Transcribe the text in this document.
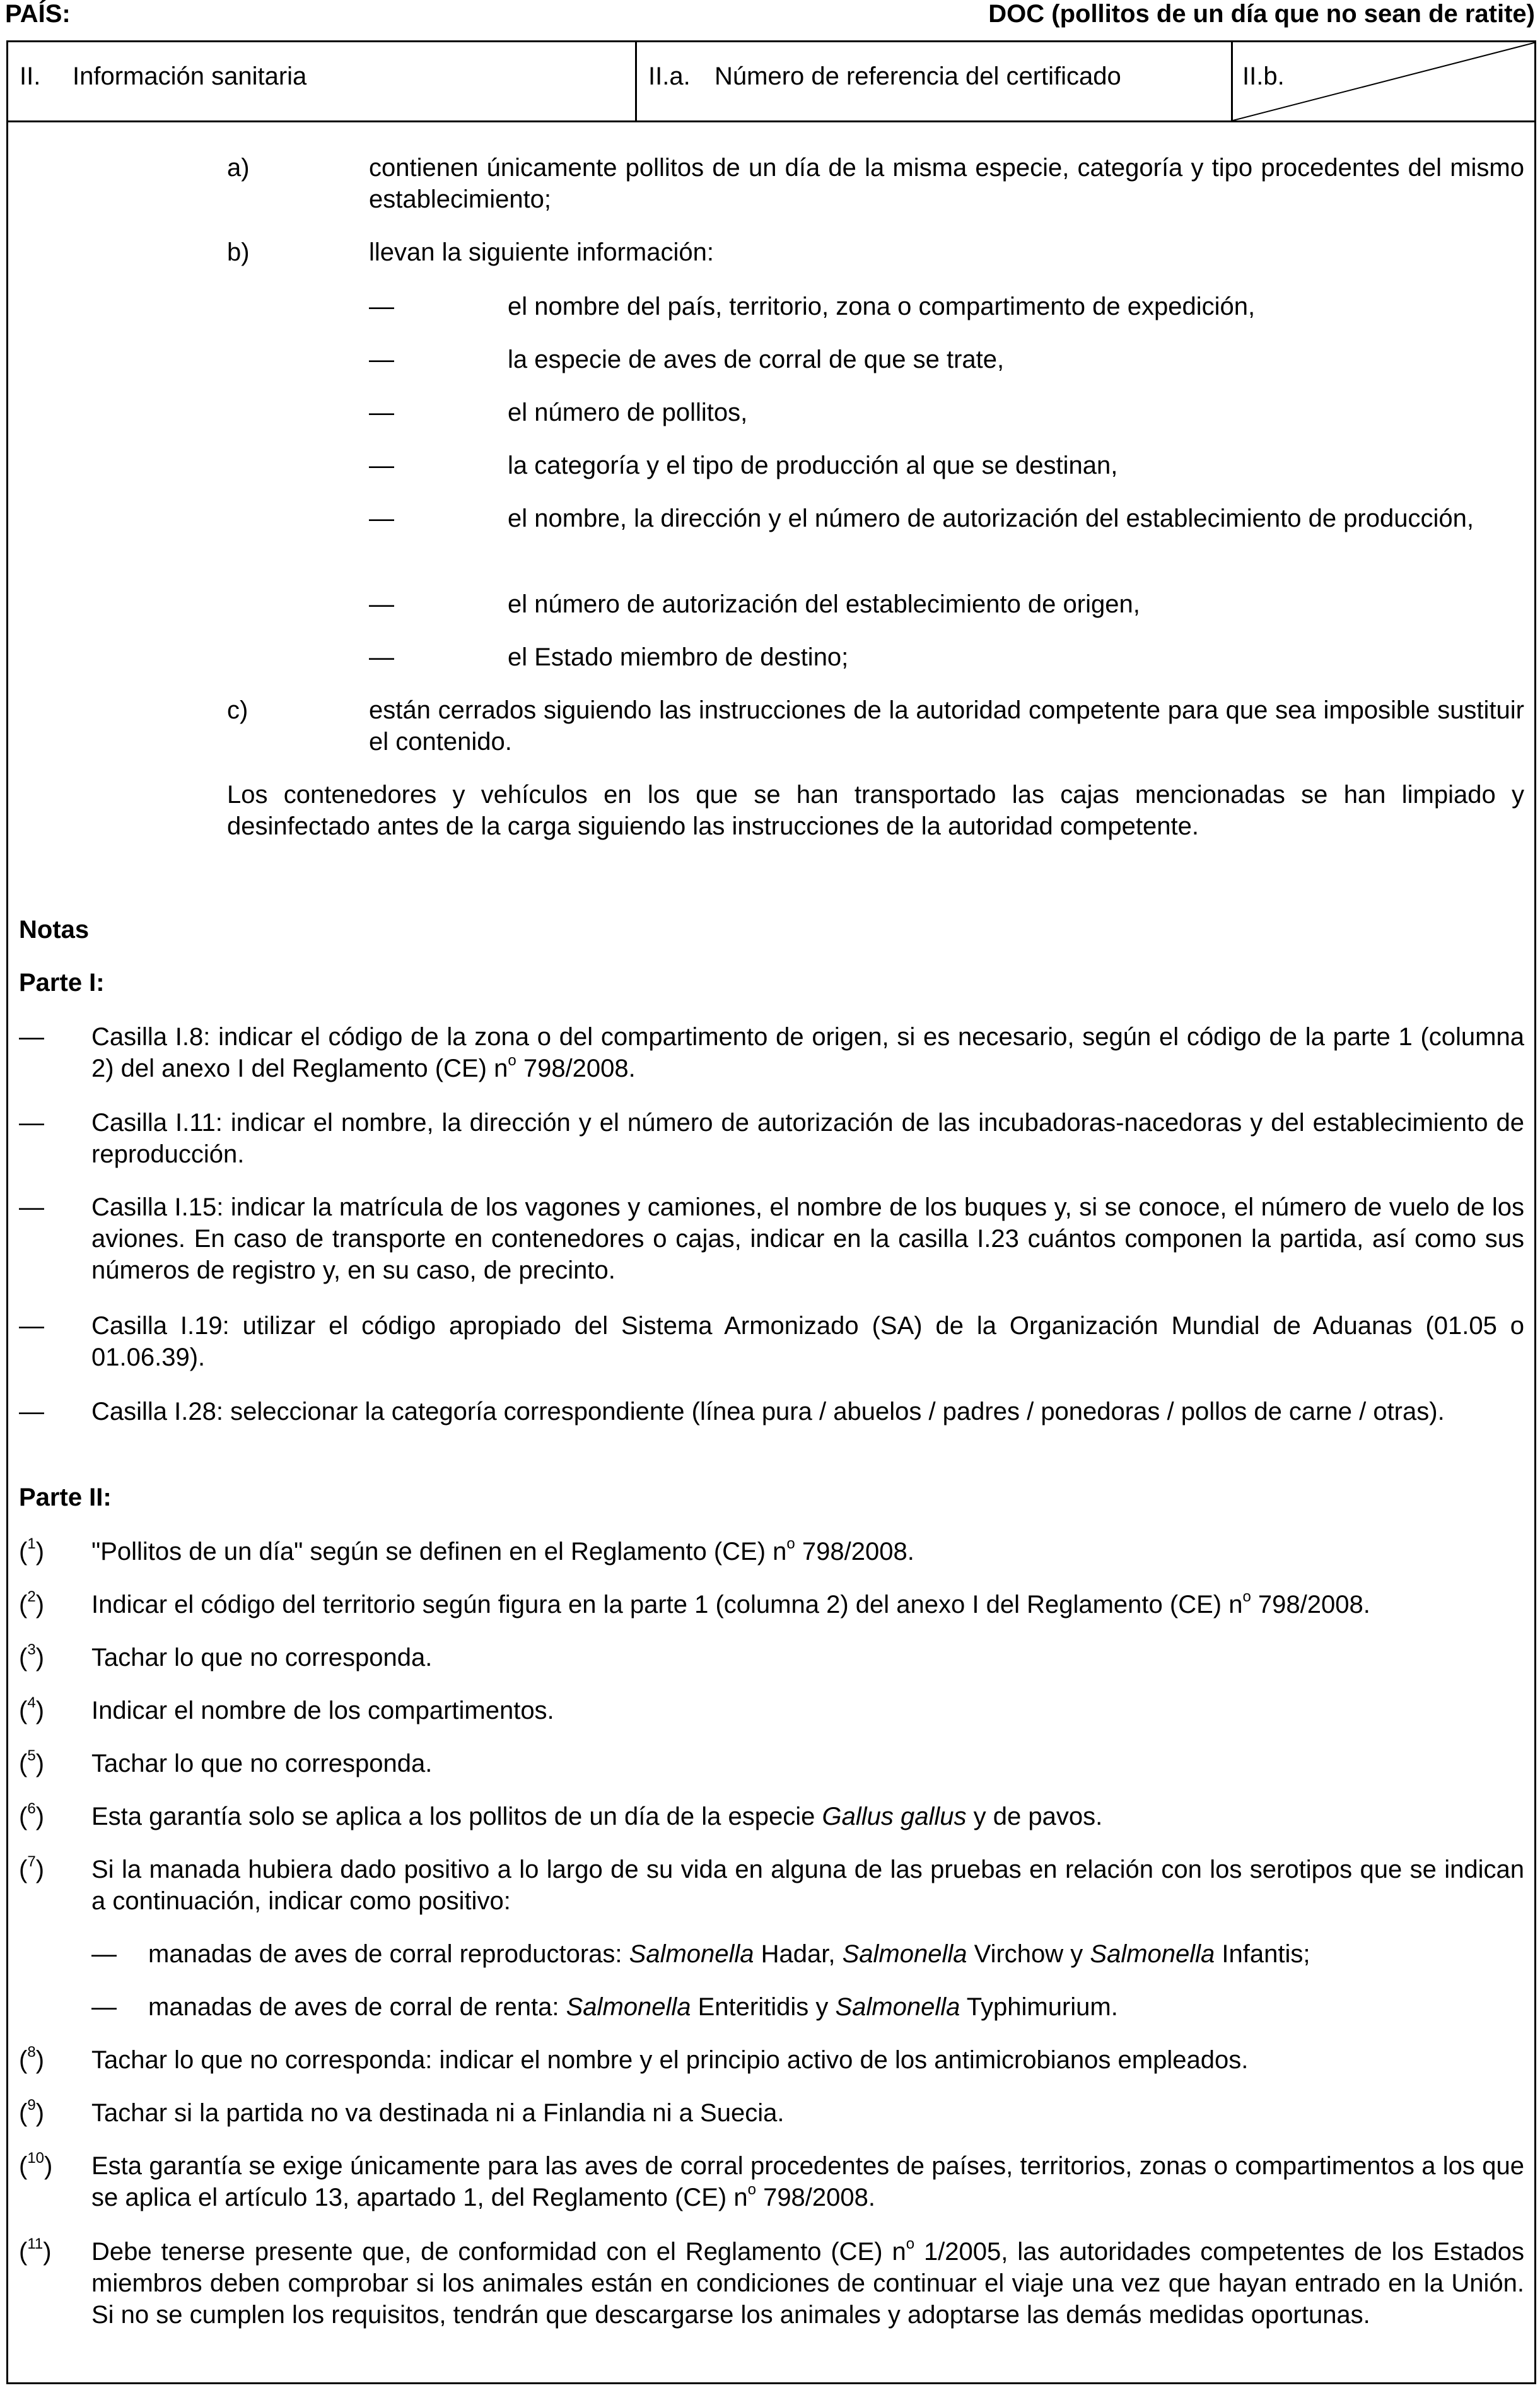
PAÍS:	DOC (pollitos de un día que no sean de ratite)
II. Información sanitaria	II.a. Número de referencia del certificado	II.b.
a)	contienen únicamente pollitos de un día de la misma especie, categoría y tipo procedentes del mismo establecimiento;
b)	llevan la siguiente información:
—	el nombre del país, territorio, zona o compartimento de expedición,
—	la especie de aves de corral de que se trate,
—	el número de pollitos,
—	la categoría y el tipo de producción al que se destinan,
—	el nombre, la dirección y el número de autorización del establecimiento de producción,
—	el número de autorización del establecimiento de origen,
—	el Estado miembro de destino;
c)	están cerrados siguiendo las instrucciones de la autoridad competente para que sea imposible sustituir el contenido.
Los contenedores y vehículos en los que se han transportado las cajas mencionadas se han limpiado y desinfectado antes de la carga siguiendo las instrucciones de la autoridad competente.
Notas
Parte I:
— Casilla I.8: indicar el código de la zona o del compartimento de origen, si es necesario, según el código de la parte 1 (columna 2) del anexo I del Reglamento (CE) $n^o$ 798/2008.
— Casilla I.11: indicar el nombre, la dirección y el número de autorización de las incubadoras-nacedoras y del establecimiento de reproducción.
— Casilla I.15: indicar la matrícula de los vagones y camiones, el nombre de los buques y, si se conoce, el número de vuelo de los aviones. En caso de transporte en contenedores o cajas, indicar en la casilla I.23 cuántos componen la partida, así como sus números de registro y, en su caso, de precinto.
— Casilla I.19: utilizar el código apropiado del Sistema Armonizado (SA) de la Organización Mundial de Aduanas (01.05 o 01.06.39).
— Casilla I.28: seleccionar la categoría correspondiente (línea pura / abuelos / padres / ponedoras / pollos de carne / otras).
Parte II:
($^1$) "Pollitos de un día" según se definen en el Reglamento (CE) $n^o$ 798/2008.
($^2$) Indicar el código del territorio según figura en la parte 1 (columna 2) del anexo I del Reglamento (CE) $n^o$ 798/2008.
($^3$) Tachar lo que no corresponda.
($^4$) Indicar el nombre de los compartimentos.
($^5$) Tachar lo que no corresponda.
($^6$) Esta garantía solo se aplica a los pollitos de un día de la especie Gallus gallus y de pavos.
($^7$) Si la manada hubiera dado positivo a lo largo de su vida en alguna de las pruebas en relación con los serotipos que se indican a continuación, indicar como positivo:
— manadas de aves de corral reproductoras: Salmonella Hadar, Salmonella Virchow y Salmonella Infantis;
— manadas de aves de corral de renta: Salmonella Enteritidis y Salmonella Typhimurium.
($^8$) Tachar lo que no corresponda: indicar el nombre y el principio activo de los antimicrobianos empleados.
($^9$) Tachar si la partida no va destinada ni a Finlandia ni a Suecia.
($^{10}$) Esta garantía se exige únicamente para las aves de corral procedentes de países, territorios, zonas o compartimentos a los que se aplica el artículo 13, apartado 1, del Reglamento (CE) $n^o$ 798/2008.
($^{11}$) Debe tenerse presente que, de conformidad con el Reglamento (CE) $n^o$ 1/2005, las autoridades competentes de los Estados miembros deben comprobar si los animales están en condiciones de continuar el viaje una vez que hayan entrado en la Unión. Si no se cumplen los requisitos, tendrán que descargarse los animales y adoptarse las demás medidas oportunas.
